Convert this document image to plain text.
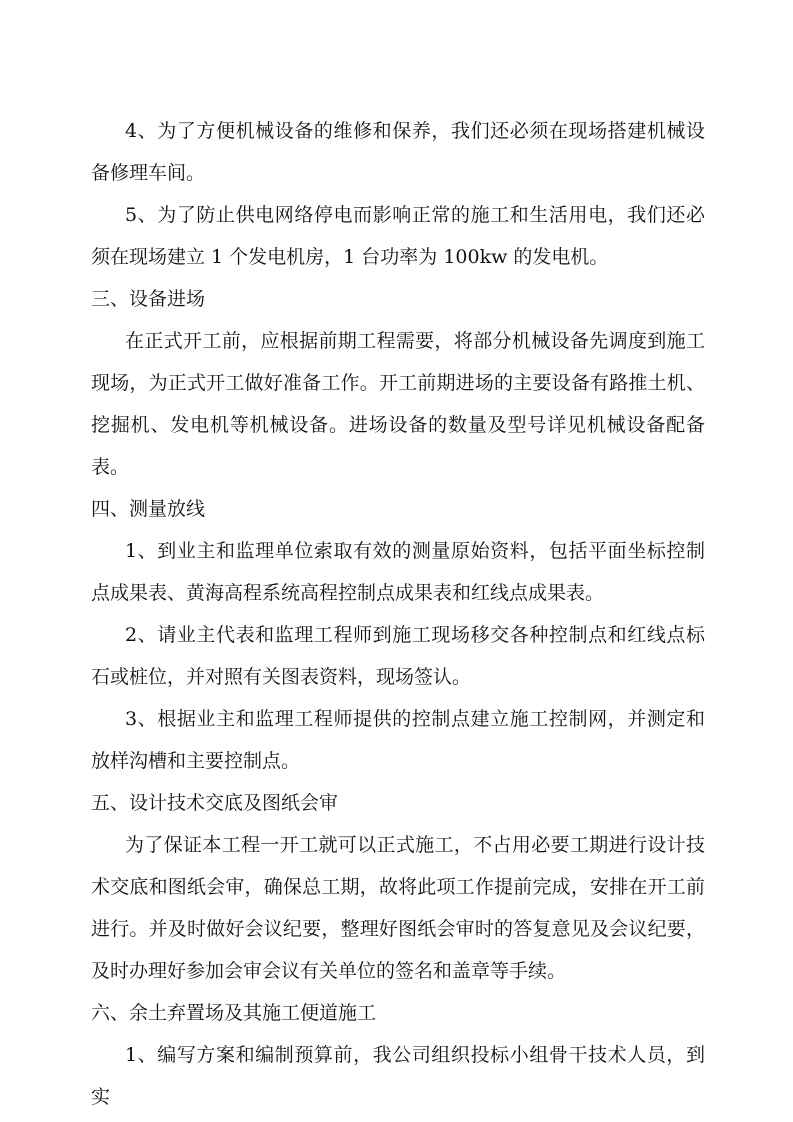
4、为了方便机械设备的维修和保养，我们还必须在现场搭建机械设备修理车间。

5、为了防止供电网络停电而影响正常的施工和生活用电，我们还必须在现场建立 1 个发电机房，1 台功率为 100kw 的发电机。

三、设备进场

在正式开工前，应根据前期工程需要，将部分机械设备先调度到施工现场，为正式开工做好准备工作。开工前期进场的主要设备有路推土机、挖掘机、发电机等机械设备。进场设备的数量及型号详见机械设备配备表。

四、测量放线

1、到业主和监理单位索取有效的测量原始资料，包括平面坐标控制点成果表、黄海高程系统高程控制点成果表和红线点成果表。

2、请业主代表和监理工程师到施工现场移交各种控制点和红线点标石或桩位，并对照有关图表资料，现场签认。

3、根据业主和监理工程师提供的控制点建立施工控制网，并测定和放样沟槽和主要控制点。

五、设计技术交底及图纸会审

为了保证本工程一开工就可以正式施工，不占用必要工期进行设计技术交底和图纸会审，确保总工期，故将此项工作提前完成，安排在开工前进行。并及时做好会议纪要，整理好图纸会审时的答复意见及会议纪要，及时办理好参加会审会议有关单位的签名和盖章等手续。

六、余土弃置场及其施工便道施工

1、编写方案和编制预算前，我公司组织投标小组骨干技术人员，到实
